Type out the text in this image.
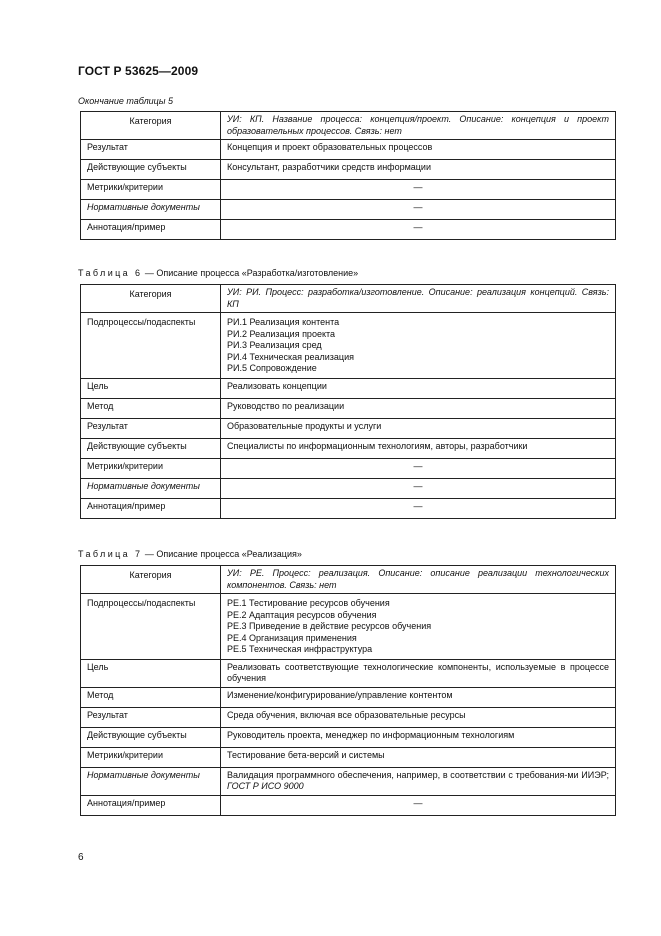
ГОСТ Р 53625—2009
Окончание таблицы 5
Категория	УИ: КП. Название процесса: концепция/проект. Описание: концепция и проект образовательных процессов. Связь: нет
Результат	Концепция и проект образовательных процессов
Действующие субъекты	Консультант, разработчики средств информации
Метрики/критерии	—
Нормативные документы	—
Аннотация/пример	—
Таблица 6 — Описание процесса «Разработка/изготовление»
Категория	УИ: РИ. Процесс: разработка/изготовление. Описание: реализация концепций. Связь: КП
Подпроцессы/подаспекты	РИ.1 Реализация контента
РИ.2 Реализация проекта
РИ.3 Реализация сред
РИ.4 Техническая реализация
РИ.5 Сопровождение

Цель	Реализовать концепции
Метод	Руководство по реализации
Результат	Образовательные продукты и услуги
Действующие субъекты	Специалисты по информационным технологиям, авторы, разработчики
Метрики/критерии	—
Нормативные документы	—
Аннотация/пример	—
Таблица 7 — Описание процесса «Реализация»
Категория	УИ: РЕ. Процесс: реализация. Описание: описание реализации технологических компонентов. Связь: нет
Подпроцессы/подаспекты	РЕ.1 Тестирование ресурсов обучения
РЕ.2 Адаптация ресурсов обучения
РЕ.3 Приведение в действие ресурсов обучения
РЕ.4 Организация применения
РЕ.5 Техническая инфраструктура

Цель	Реализовать соответствующие технологические компоненты, используемые в процессе обучения
Метод	Изменение/конфигурирование/управление контентом
Результат	Среда обучения, включая все образовательные ресурсы
Действующие субъекты	Руководитель проекта, менеджер по информационным технологиям
Метрики/критерии	Тестирование бета-версий и системы
Нормативные документы	Валидация программного обеспечения, например, в соответствии с требования-ми ИИЭР; ГОСТ Р ИСО 9000
Аннотация/пример	—
6
